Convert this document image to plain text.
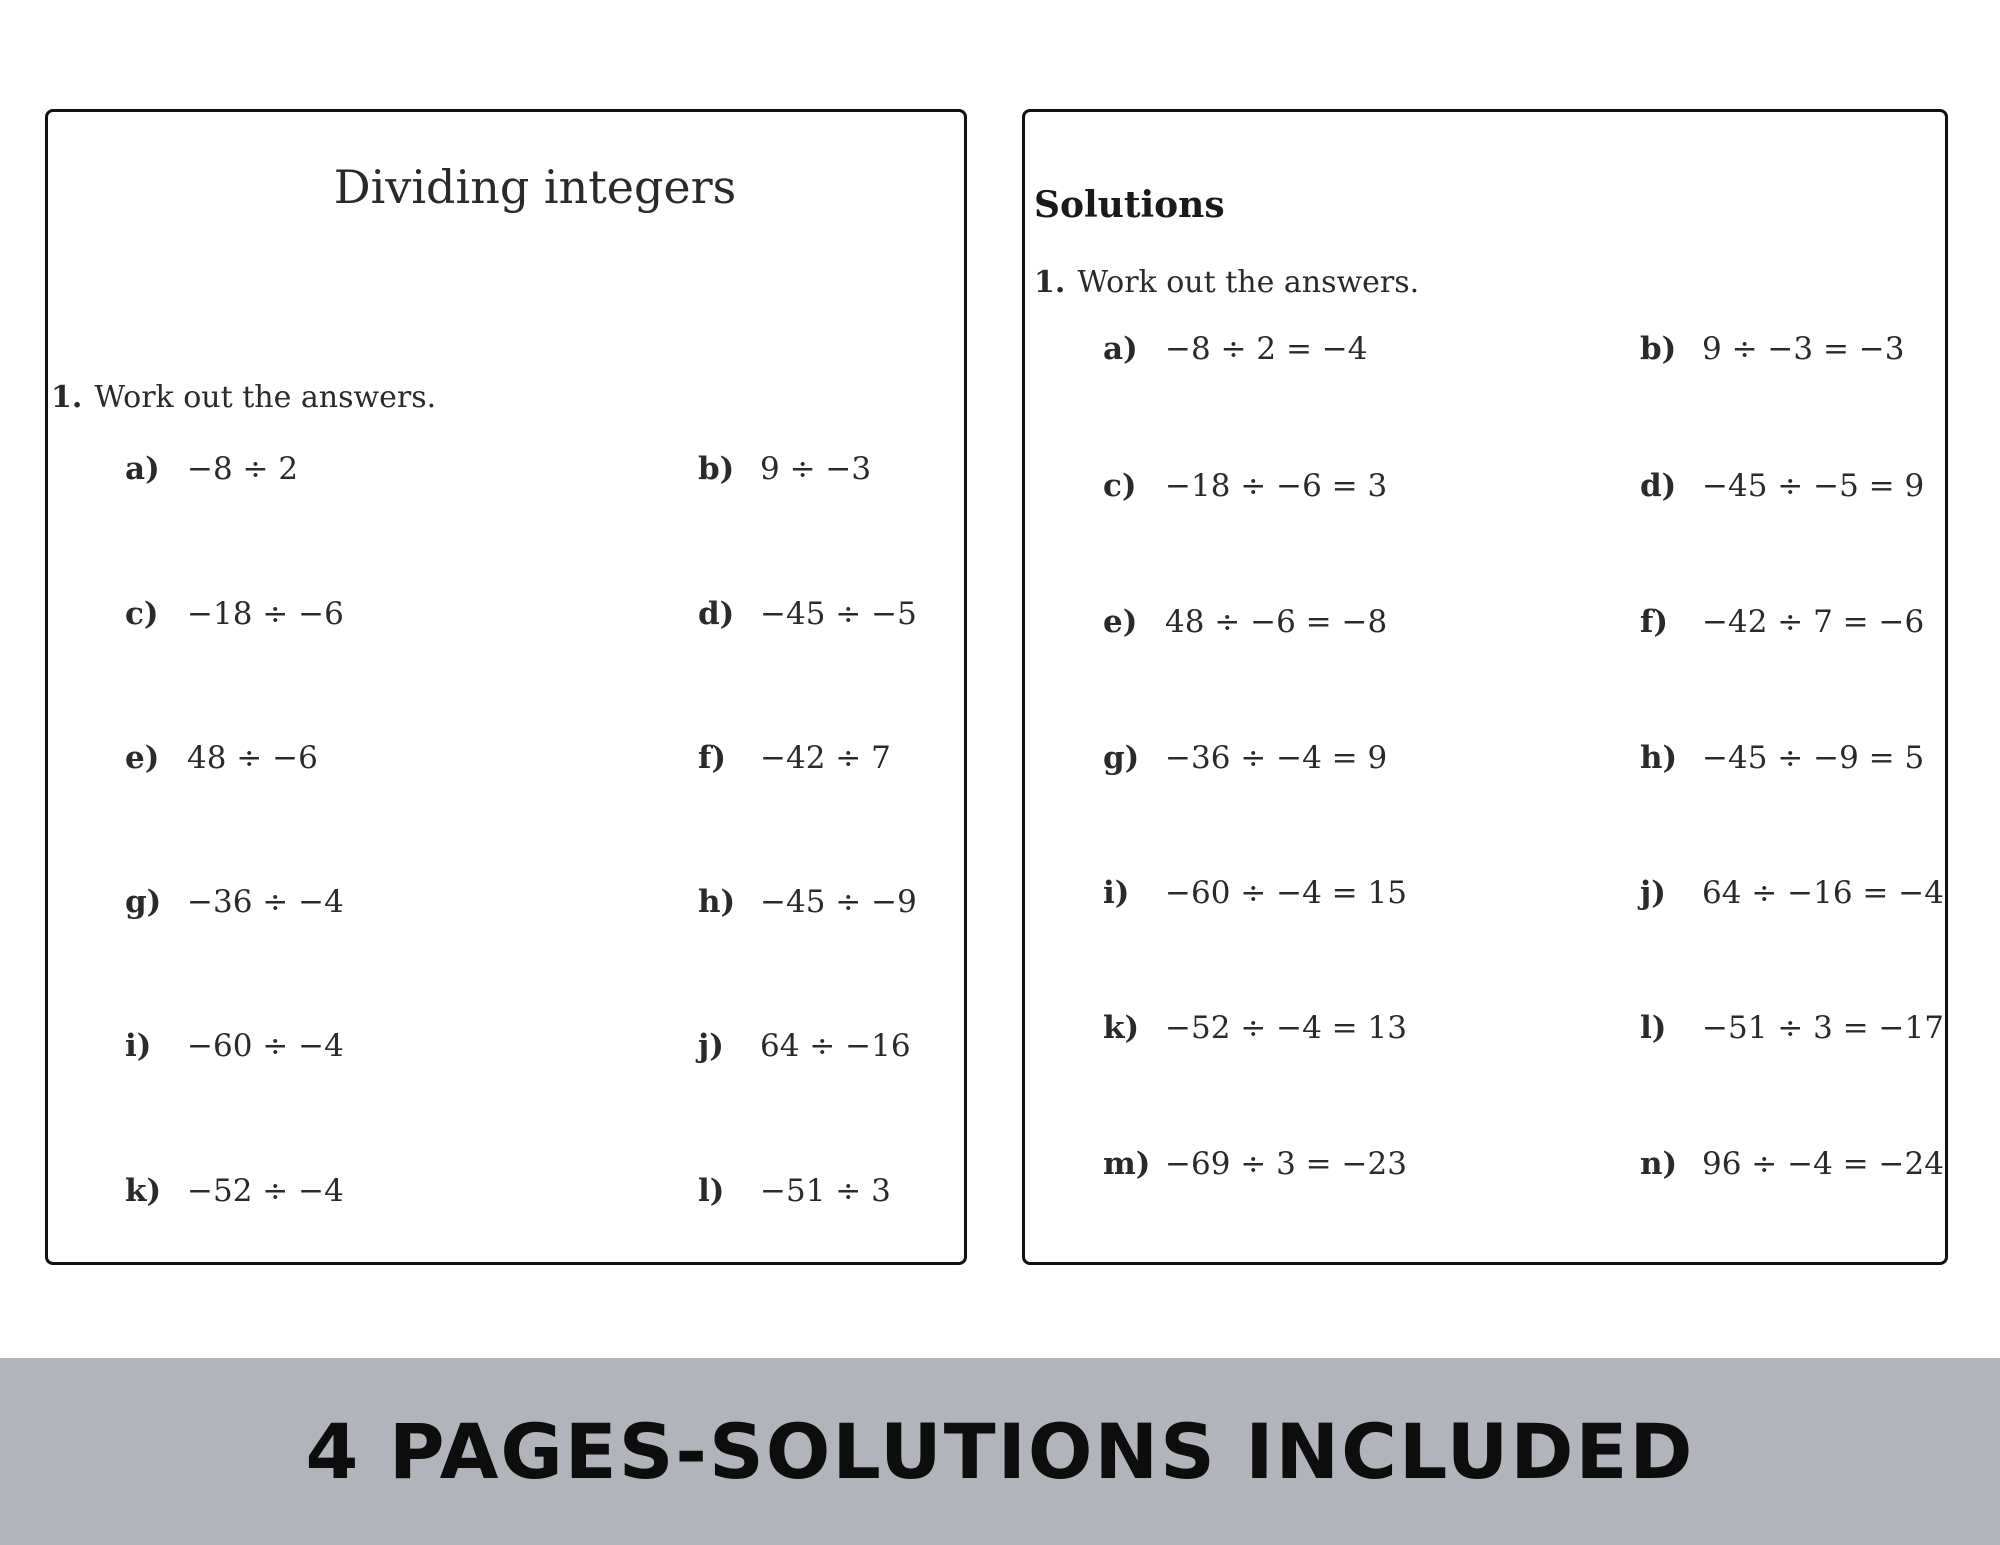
Dividing integers
1. Work out the answers.
a) −8 ÷ 2	b) 9 ÷ −3
c) −18 ÷ −6	d) −45 ÷ −5
e) 48 ÷ −6	f) −42 ÷ 7
g) −36 ÷ −4	h) −45 ÷ −9
i) −60 ÷ −4	j) 64 ÷ −16
k) −52 ÷ −4	l) −51 ÷ 3
Solutions
1. Work out the answers.
a) −8 ÷ 2 = −4	b) 9 ÷ −3 = −3
c) −18 ÷ −6 = 3	d) −45 ÷ −5 = 9
e) 48 ÷ −6 = −8	f) −42 ÷ 7 = −6
g) −36 ÷ −4 = 9	h) −45 ÷ −9 = 5
i) −60 ÷ −4 = 15	j) 64 ÷ −16 = −4
k) −52 ÷ −4 = 13	l) −51 ÷ 3 = −17
m) −69 ÷ 3 = −23	n) 96 ÷ −4 = −24
4 PAGES-SOLUTIONS INCLUDED
